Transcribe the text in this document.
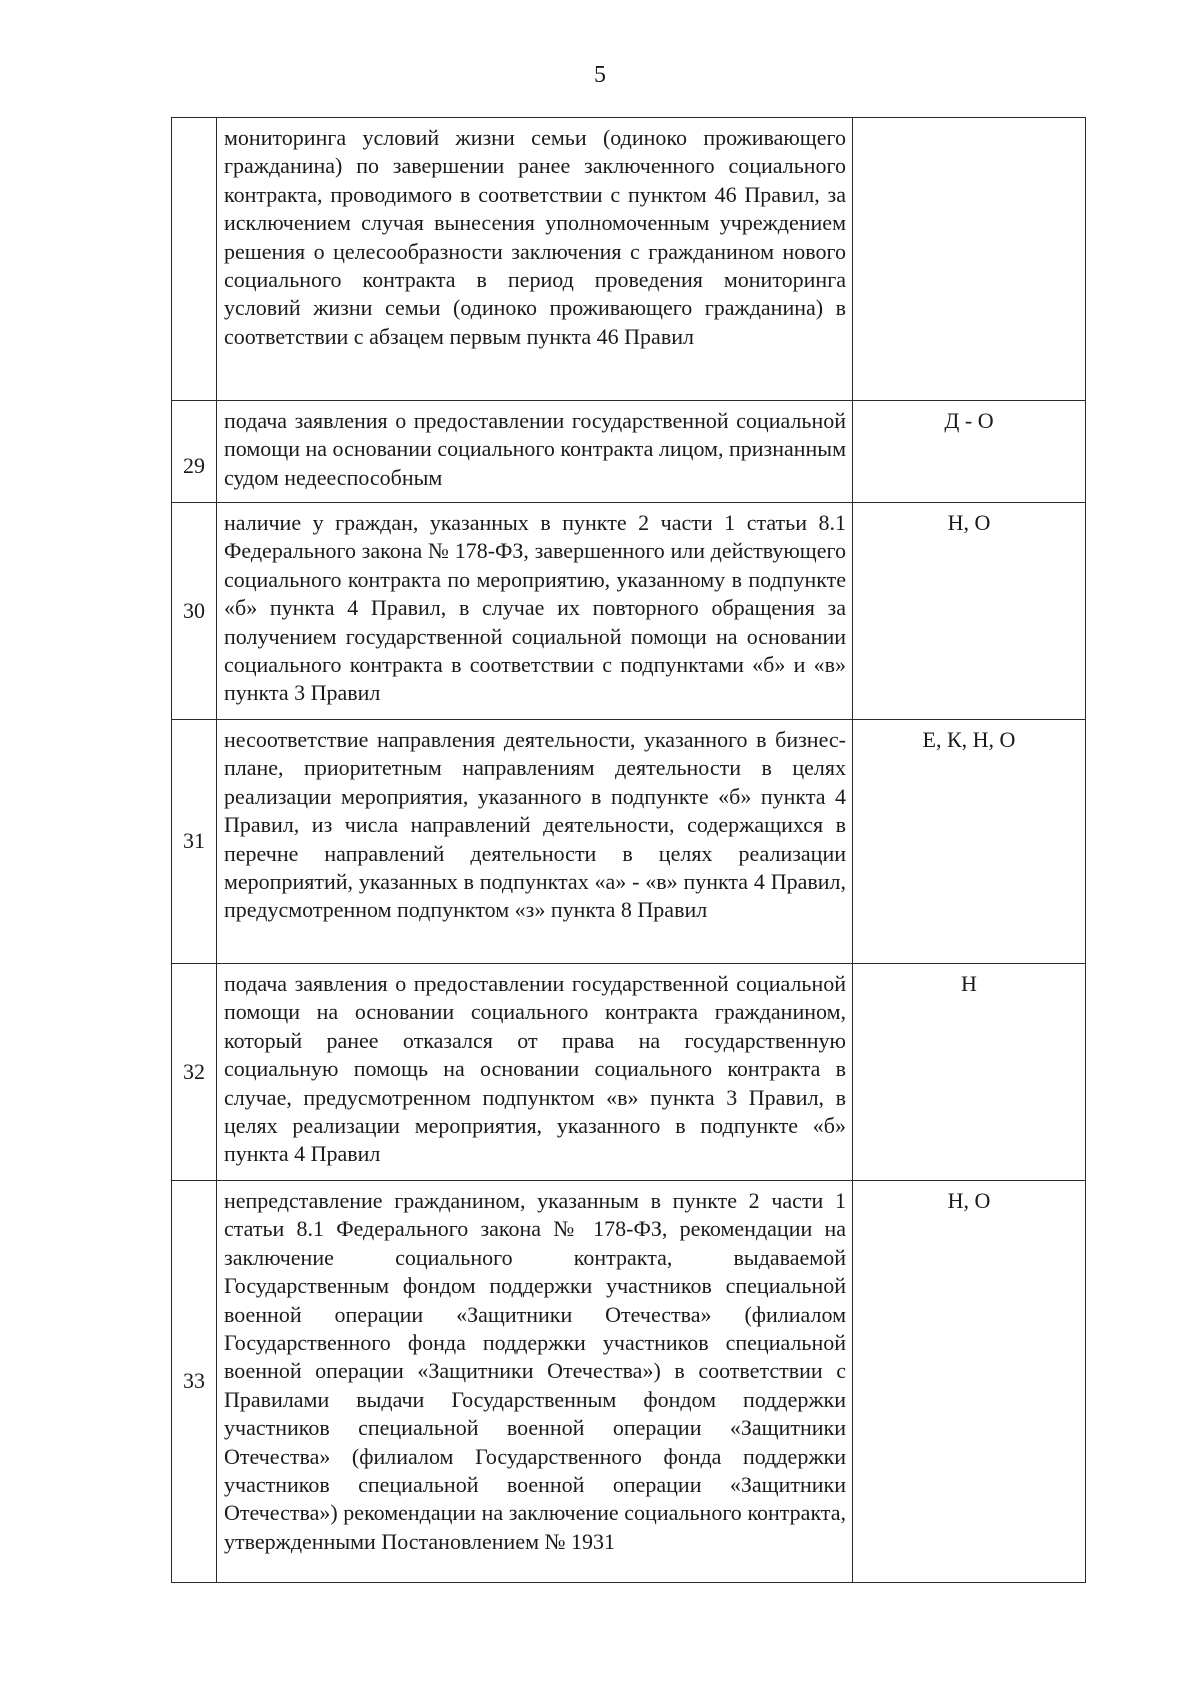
5
	мониторинга условий жизни семьи (одиноко проживающего гражданина) по завершении ранее заключенного социального контракта, проводимого в соответствии с пунктом 46 Правил, за исключением случая вынесения уполномоченным учреждением решения о целесообразности заключения с гражданином нового социального контракта в период проведения мониторинга условий жизни семьи (одиноко проживающего гражданина) в соответствии с абзацем первым пункта 46 Правил	
29	подача заявления о предоставлении государственной социальной помощи на основании социального контракта лицом, признанным судом недееспособным	Д - О
30	наличие у граждан, указанных в пункте 2 части 1 статьи 8.1 Федерального закона № 178-ФЗ, завершенного или действующего социального контракта по мероприятию, указанному в подпункте «б» пункта 4 Правил, в случае их повторного обращения за получением государственной социальной помощи на основании социального контракта в соответствии с подпунктами «б» и «в» пункта 3 Правил	Н, О
31	несоответствие направления деятельности, указанного в бизнес-плане, приоритетным направлениям деятельности в целях реализации мероприятия, указанного в подпункте «б» пункта 4 Правил, из числа направлений деятельности, содержащихся в перечне направлений деятельности в целях реализации мероприятий, указанных в подпунктах «а» - «в» пункта 4 Правил, предусмотренном подпунктом «з» пункта 8 Правил	Е, К, Н, О
32	подача заявления о предоставлении государственной социальной помощи на основании социального контракта гражданином, который ранее отказался от права на государственную социальную помощь на основании социального контракта в случае, предусмотренном подпунктом «в» пункта 3 Правил, в целях реализации мероприятия, указанного в подпункте «б» пункта 4 Правил	Н
33	непредставление гражданином, указанным в пункте 2 части 1 статьи 8.1 Федерального закона № 178-ФЗ, рекомендации на заключение социального контракта, выдаваемой Государственным фондом поддержки участников специальной военной операции «Защитники Отечества» (филиалом Государственного фонда поддержки участников специальной военной операции «Защитники Отечества») в соответствии с Правилами выдачи Государственным фондом поддержки участников специальной военной операции «Защитники Отечества» (филиалом Государственного фонда поддержки участников специальной военной операции «Защитники Отечества») рекомендации на заключение социального контракта, утвержденными Постановлением № 1931	Н, О
